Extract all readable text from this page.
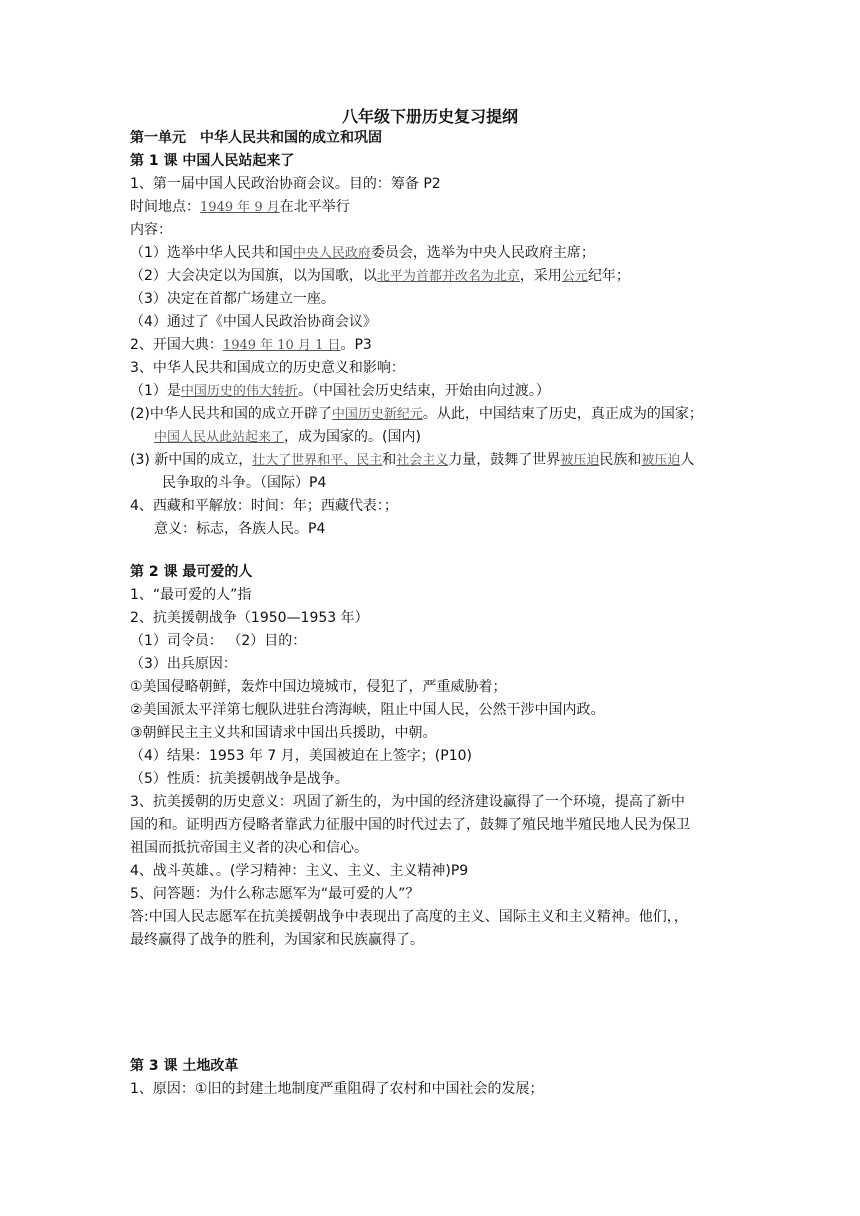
八年级下册历史复习提纲
第一单元　中华人民共和国的成立和巩固
第 1 课 中国人民站起来了
1、第一届中国人民政治协商会议。目的：筹备 P2
时间地点：1949 年 9 月在北平举行
内容：
（1）选举中华人民共和国中央人民政府委员会，选举为中央人民政府主席；
（2）大会决定以为国旗，以为国歌，以北平为首都并改名为北京，采用公元纪年；
（3）决定在首都广场建立一座。
（4）通过了《中国人民政治协商会议》
2、开国大典：1949 年 10 月 1 日。P3
3、中华人民共和国成立的历史意义和影响：
（1）是中国历史的伟大转折。（中国社会历史结束，开始由向过渡。）
(2)中华人民共和国的成立开辟了中国历史新纪元。从此，中国结束了历史，真正成为的国家；
中国人民从此站起来了，成为国家的。(国内)
(3) 新中国的成立，壮大了世界和平、民主和社会主义力量，鼓舞了世界被压迫民族和被压迫人
民争取的斗争。（国际）P4
4、西藏和平解放：时间：年；西藏代表：；
意义：标志，各族人民。P4
第 2 课 最可爱的人
1、“最可爱的人”指
2、抗美援朝战争（1950—1953 年）
（1）司令员： （2）目的：
（3）出兵原因：
①美国侵略朝鲜，轰炸中国边境城市，侵犯了，严重威胁着；
②美国派太平洋第七舰队进驻台湾海峡，阻止中国人民，公然干涉中国内政。
③朝鲜民主主义共和国请求中国出兵援助，中朝。
（4）结果：1953 年 7 月，美国被迫在上签字；(P10)
（5）性质：抗美援朝战争是战争。
3、抗美援朝的历史意义：巩固了新生的，为中国的经济建设赢得了一个环境，提高了新中
国的和。证明西方侵略者靠武力征服中国的时代过去了，鼓舞了殖民地半殖民地人民为保卫
祖国而抵抗帝国主义者的决心和信心。
4、战斗英雄、。(学习精神：主义、主义、主义精神)P9
5、问答题：为什么称志愿军为“最可爱的人”？
答:中国人民志愿军在抗美援朝战争中表现出了高度的主义、国际主义和主义精神。他们，，
最终赢得了战争的胜利，为国家和民族赢得了。
第 3 课 土地改革
1、原因：①旧的封建土地制度严重阻碍了农村和中国社会的发展；
